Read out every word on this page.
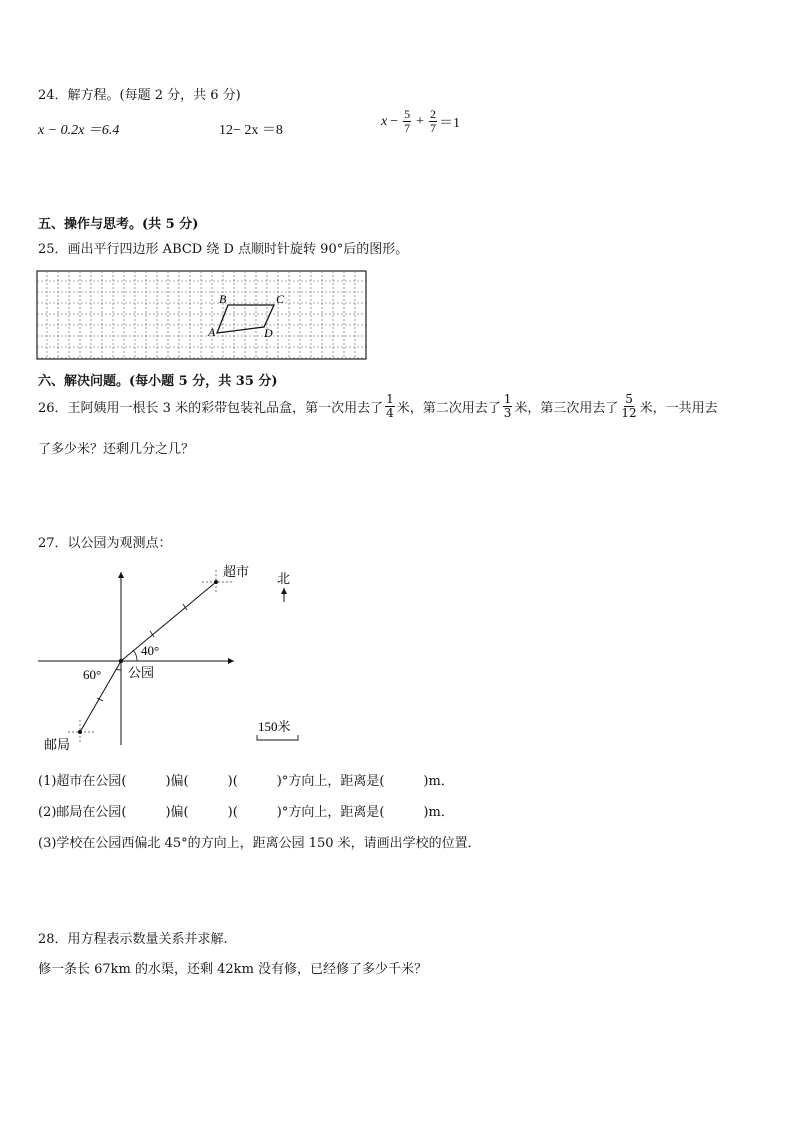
24．解方程。(每题 2 分，共 6 分)
x − 0.2x ＝6.4	12− 2x ＝8
$x - \frac{5}{7} + \frac{2}{7} =1$
五、操作与思考。(共 5 分)
25．画出平行四边形 ABCD 绕 D 点顺时针旋转 90°后的图形。
B	C
A	D
六、解决问题。(每小题 5 分，共 35 分)
26．王阿姨用一根长 3 米的彩带包装礼品盒，第一次用去了 $\frac{1}{4}$ 米，第二次用去了 $\frac{1}{3}$ 米，第三次用去了 $\frac{5}{12}$ 米，一共用去
了多少米？还剩几分之几？
27．以公园为观测点：
超市 北
40°
60° 公园
邮局
150米
(1)超市在公园(　　　)偏(　　　)(　　　)°方向上，距离是(　　　)m．
(2)邮局在公园(　　　)偏(　　　)(　　　)°方向上，距离是(　　　)m．
(3)学校在公园西偏北 45°的方向上，距离公园 150 米，请画出学校的位置．
28．用方程表示数量关系并求解.
修一条长 67km 的水渠，还剩 42km 没有修，已经修了多少千米？
